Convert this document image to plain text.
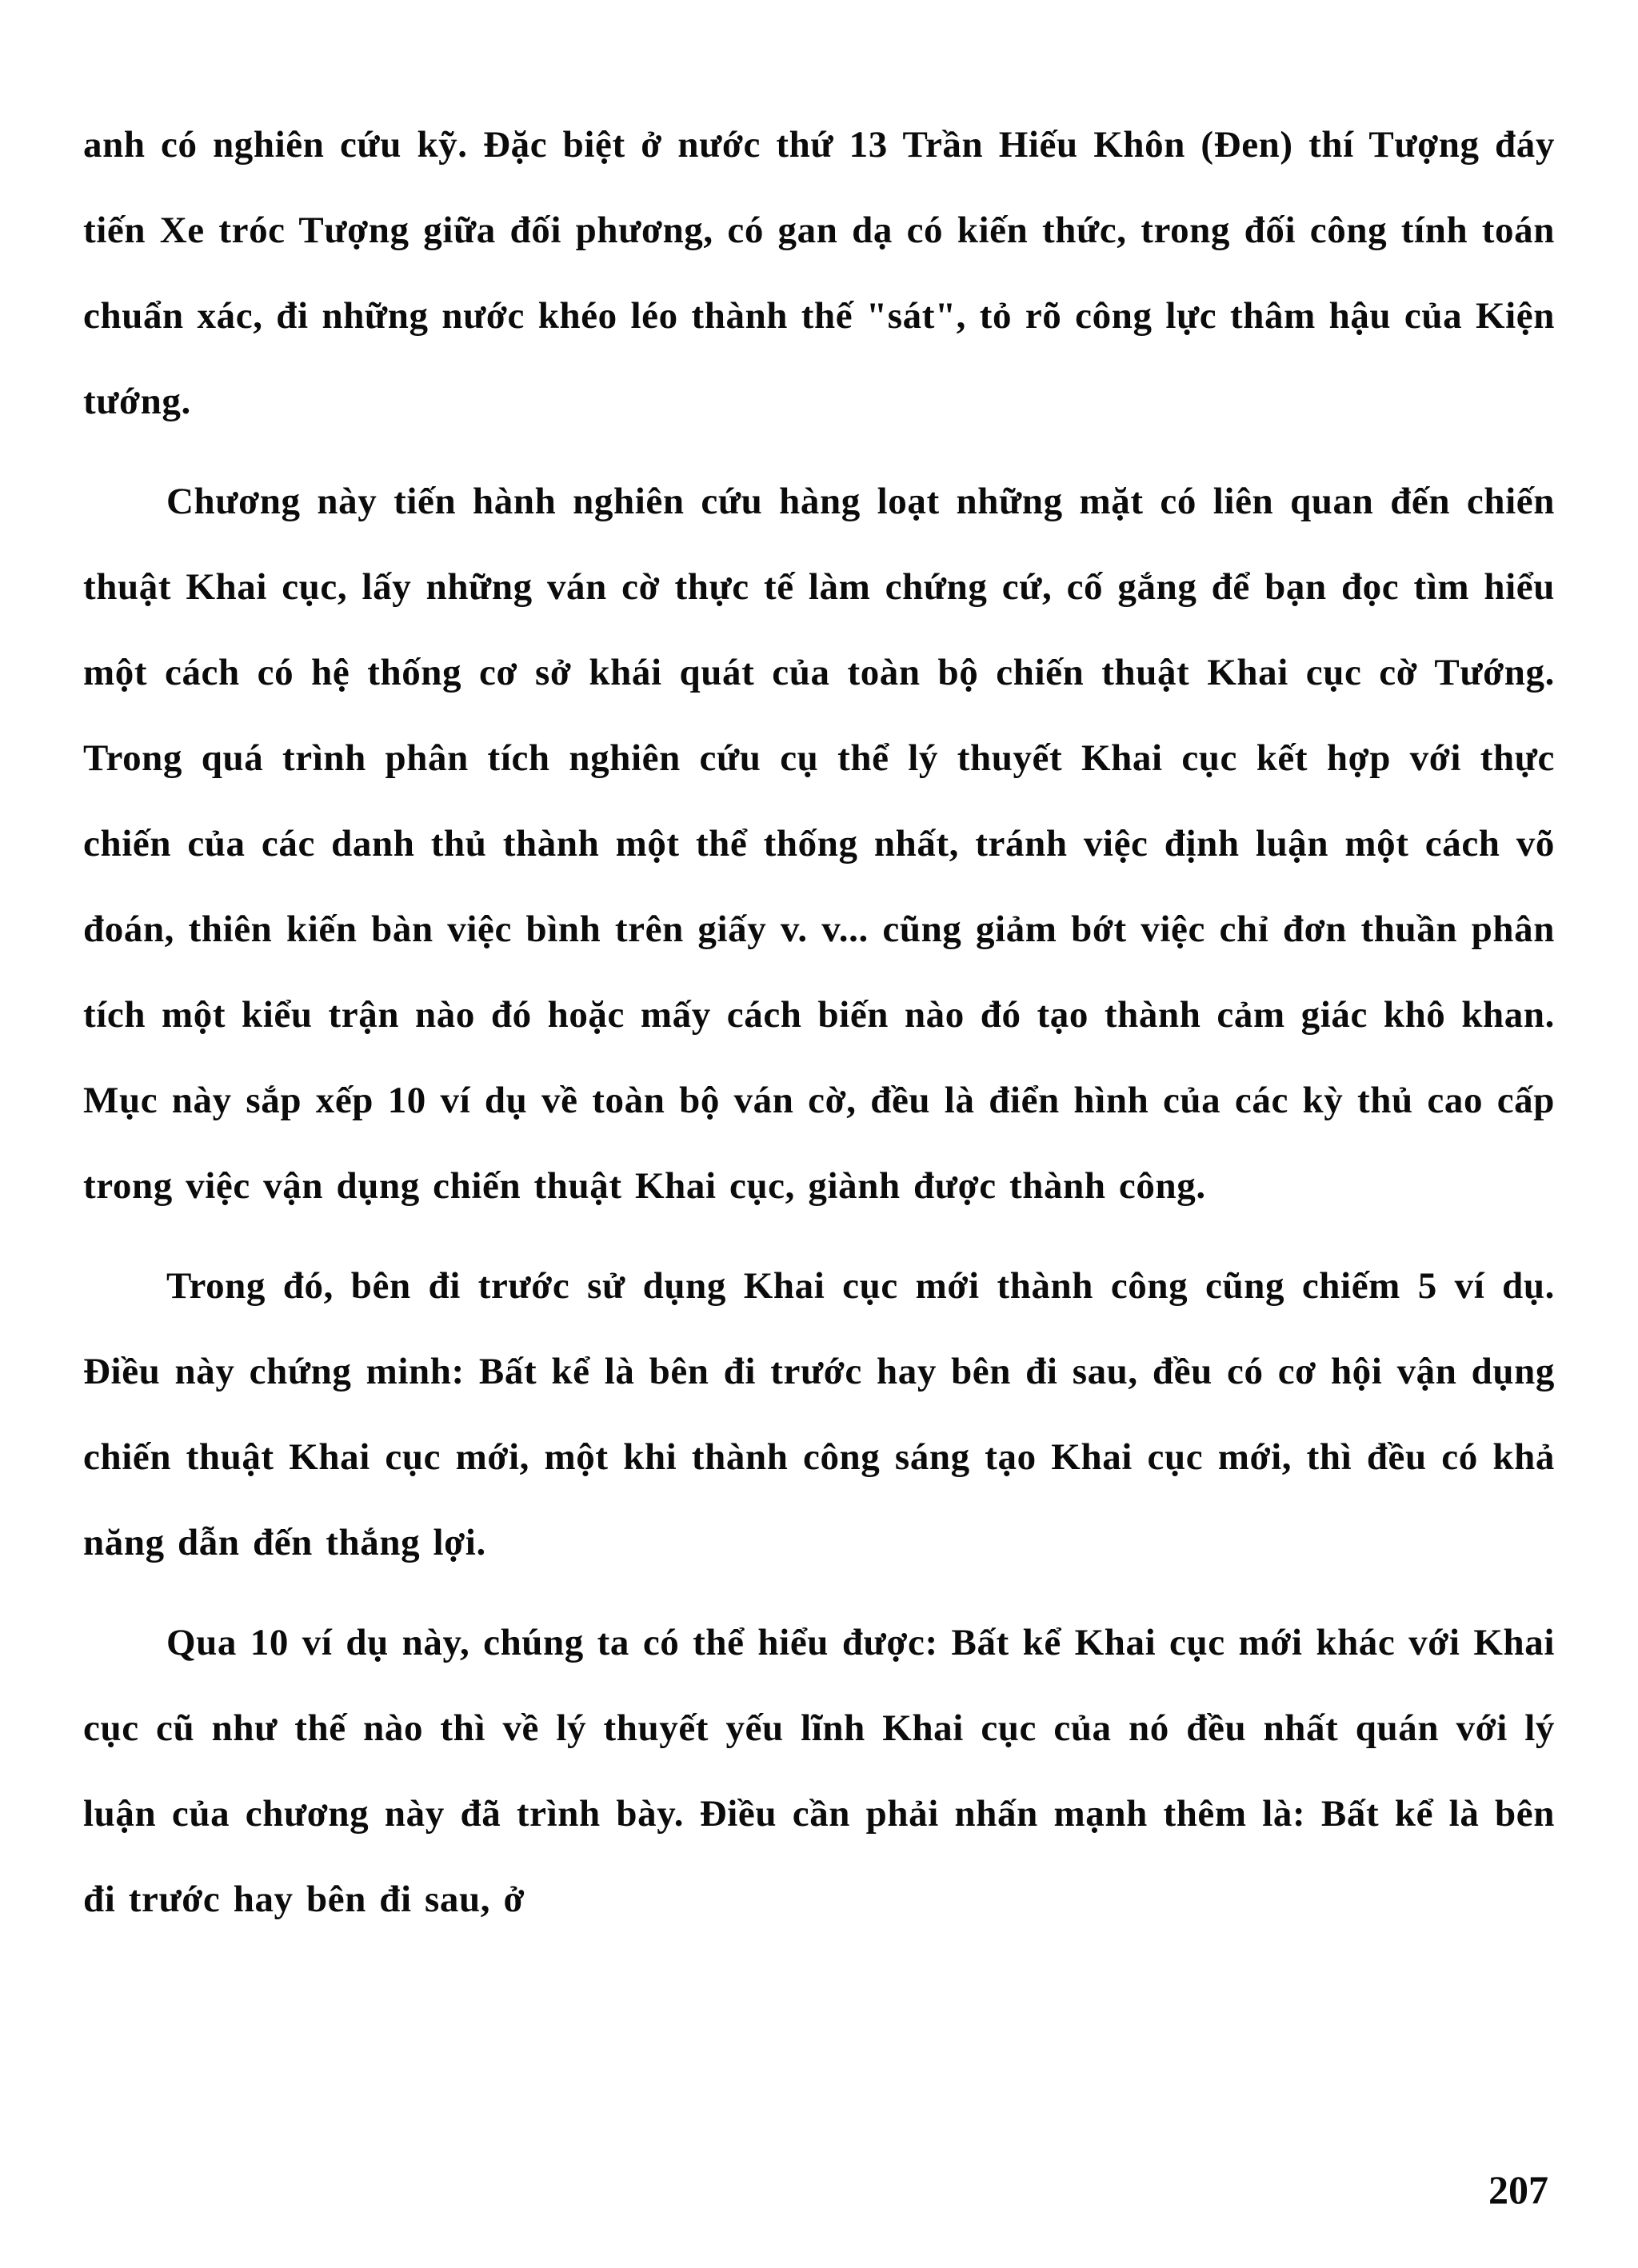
anh có nghiên cứu kỹ. Đặc biệt ở nước thứ 13 Trần Hiếu Khôn (Đen) thí Tượng đáy tiến Xe tróc Tượng giữa đối phương, có gan dạ có kiến thức, trong đối công tính toán chuẩn xác, đi những nước khéo léo thành thế "sát", tỏ rõ công lực thâm hậu của Kiện tướng.

Chương này tiến hành nghiên cứu hàng loạt những mặt có liên quan đến chiến thuật Khai cục, lấy những ván cờ thực tế làm chứng cứ, cố gắng để bạn đọc tìm hiểu một cách có hệ thống cơ sở khái quát của toàn bộ chiến thuật Khai cục cờ Tướng. Trong quá trình phân tích nghiên cứu cụ thể lý thuyết Khai cục kết hợp với thực chiến của các danh thủ thành một thể thống nhất, tránh việc định luận một cách võ đoán, thiên kiến bàn việc bình trên giấy v. v... cũng giảm bớt việc chỉ đơn thuần phân tích một kiểu trận nào đó hoặc mấy cách biến nào đó tạo thành cảm giác khô khan. Mục này sắp xếp 10 ví dụ về toàn bộ ván cờ, đều là điển hình của các kỳ thủ cao cấp trong việc vận dụng chiến thuật Khai cục, giành được thành công.

Trong đó, bên đi trước sử dụng Khai cục mới thành công cũng chiếm 5 ví dụ. Điều này chứng minh: Bất kể là bên đi trước hay bên đi sau, đều có cơ hội vận dụng chiến thuật Khai cục mới, một khi thành công sáng tạo Khai cục mới, thì đều có khả năng dẫn đến thắng lợi.

Qua 10 ví dụ này, chúng ta có thể hiểu được: Bất kể Khai cục mới khác với Khai cục cũ như thế nào thì về lý thuyết yếu lĩnh Khai cục của nó đều nhất quán với lý luận của chương này đã trình bày. Điều cần phải nhấn mạnh thêm là: Bất kể là bên đi trước hay bên đi sau, ở

207
